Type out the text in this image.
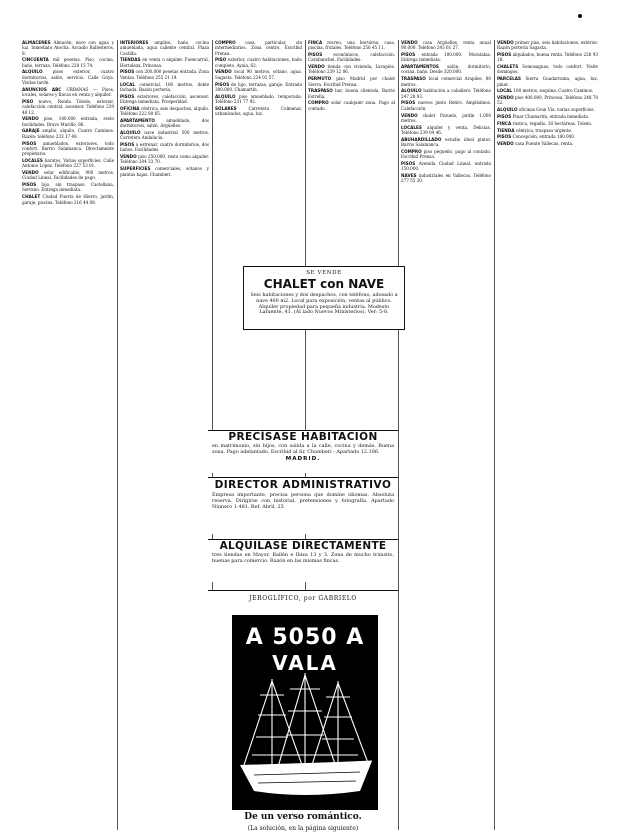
ALMACENES Almacén, nave con agua y luz. Inmediato Atocha. Arcadio Ballesteros, 8.

CINCUENTA mil pesetas. Piso, cocina, baño, terraza. Teléfono 228 15 74.

ALQUILO pisos exterior, cuatro dormitorios, salón, servicio. Calle Goya. Visitas tarde.

ANUNCIOS ABC URBANAS — Pisos, locales, solares y fincas en venta y alquiler.

PISO nuevo, Ronda Toledo, exterior, calefacción central, ascensor. Teléfono 239 40 12.

VENDO piso, 140.000 entrada, resto facilidades. Bravo Murillo, 86.

GARAJE amplio, alquilo. Cuatro Caminos. Razón: teléfono 233 17 48.

PISOS amueblados, exteriores, todo confort. Barrio Salamanca. Directamente propietario.

LOCALES baratos. Varias superficies. Calle Antonio López. Teléfono 227 53 01.

VENDO solar edificable, 900 metros. Ciudad Lineal. Facilidades de pago.

PISOS lujo, sin traspaso. Castellana, Serrano. Entrega inmediata.

CHALET Ciudad Puerta de Hierro, jardín, garaje, piscina. Teléfono 216 44 08.

INTERIORES amplios, baño, cocina amueblada, agua caliente central. Plaza Castilla.

TIENDAS en venta o alquiler. Fuencarral, Hortaleza, Princesa.

PISOS con 200.000 pesetas entrada. Zona Ventas. Teléfono 255 21 19.

LOCAL comercial, 160 metros, doble fachada. Razón portería.

PISOS exteriores, calefacción, ascensor. Entrega inmediata. Prosperidad.

OFICINA céntrica, seis despachos, alquilo. Teléfono 222 80 65.

APARTAMENTO amueblado, dos dormitorios, salón. Argüelles.

ALQUILO nave industrial 500 metros. Carretera Andalucía.

PISOS a estrenar, cuatro dormitorios, dos baños. Facilidades.

VENDO piso 250.000, resto como alquiler. Teléfono 204 33 70.

SUPERFICIES comerciales, sótanos y plantas bajas. Chamberí.

COMPRO casa, particular, sin intermediarios. Zona centro. Escribid Prensa.

PISO exterior, cuatro habitaciones, baño completo. Ayala, 62.

VENDO local 90 metros, sótano, agua. Sagasta. Teléfono 224 01 57.

PISOS de lujo, terrazas, garaje. Entrada 300.000. Chamartín.

ALQUILO piso amueblado, temporada. Teléfono 231 77 92.

SOLARES Carretera Colmenar, urbanizados, agua, luz.

FINCA recreo, una hectárea, casa, piscina, frutales. Teléfono 256 45 11.

PISOS económicos, calefacción. Carabanchel. Facilidades.

VENDO tienda con vivienda, Lavapiés. Teléfono 239 12 06.

PERMUTO piso Madrid por chalet Sierra. Escribid Prensa.

TRASPASO bar, buena clientela. Barrio Estrella.

COMPRO solar cualquier zona. Pago al contado.

VENDO casa Argüelles, renta anual 90.000. Teléfono 243 61 27.

PISOS entrada 100.000. Moratalaz. Entrega inmediata.

APARTAMENTOS salón, dormitorio, cocina, baño. Desde 320.000.

TRASPASO local comercial Arapiles, 80 metros.

ALQUILO habitación a caballero. Teléfono 247 28 93.

PISOS nuevos junto Retiro. Amplísimos. Calefacción.

VENDO chalet Pozuelo, jardín 1.000 metros.

LOCALES alquiler y venta. Delicias. Teléfono 239 04 46.

ABUHARDILLADO estudio ideal pintor. Barrio Salamanca.

COMPRO piso pequeño, pago al contado. Escribid Prensa.

PISOS Avenida Ciudad Lineal, entrada 150.000.

NAVES industriales en Vallecas. Teléfono 277 55 30.

VENDO primer piso, seis habitaciones, exterior. Razón portería Sagasta.

PISOS alquilados, buena renta. Teléfono 226 93 18.

CHALETS Somosaguas, todo confort. Visite domingos.

PARCELAS Sierra Guadarrama, agua, luz, pinar.

LOCAL 180 metros, esquina, Cuatro Caminos.

VENDO piso 400.000, Princesa. Teléfono 248 70 52.

ALQUILO oficinas Gran Vía, varias superficies.

PISOS Pinar Chamartín, entrada inmediata.

FINCA rústica, regadío, 30 hectáreas. Toledo.

TIENDA céntrica, traspaso urgente.

PISOS Concepción, entrada 180.000.

VENDO casa Puente Vallecas, renta.

SE VENDE
CHALET con NAVE
Seis habitaciones y dos despachos, con teléfono, adosado a nave 400 m2. Local para exposición, ventas al público. Alquiler propiedad para pequeña industria. Modesto Lafuente, 41. (Al lado Nuevos Ministerios). Ver: 5-8.
PRECÍSASE HABITACIÓN
en matrimonio, sin hijos, con salida a la calle, cocina y demás. Buena zona. Pago adelantado. Escribid al Sr. Chamberí - Apartado 12.186.
MADRID.
DIRECTOR ADMINISTRATIVO
Empresa importante, precisa persona que domine idiomas. Absoluta reserva. Dirigirse con historial, pretensiones y fotografía. Apartado Número 1.481. Ref. Abril, 25
ALQUILASE DIRECTAMENTE
tres tiendas en Mayor, Bailén e Ibiza 13 y 3. Zona de mucho tránsito, buenas para comercio. Razón en las mismas fincas.
JEROGLÍFICO, por GABRIELO
A 5050 A
VALA
De un verso romántico.
(La solución, en la página siguiente)
